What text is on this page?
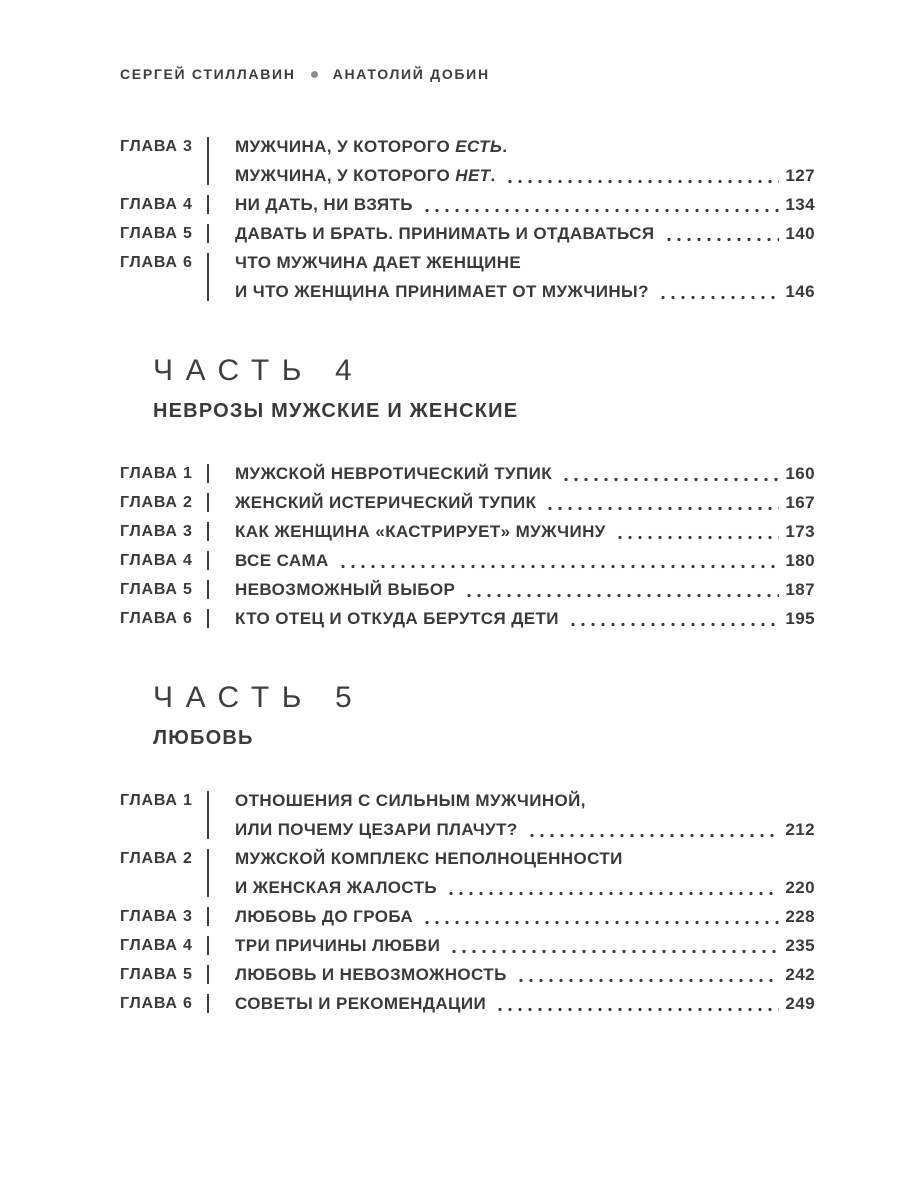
СЕРГЕЙ СТИЛЛАВИН	АНАТОЛИЙ ДОБИН
ГЛАВА 3	МУЖЧИНА, У КОТОРОГО ЕСТЬ.
МУЖЧИНА, У КОТОРОГО НЕТ.	127
ГЛАВА 4	НИ ДАТЬ, НИ ВЗЯТЬ	134
ГЛАВА 5	ДАВАТЬ И БРАТЬ. ПРИНИМАТЬ И ОТДАВАТЬСЯ	140
ГЛАВА 6	ЧТО МУЖЧИНА ДАЕТ ЖЕНЩИНЕ
И ЧТО ЖЕНЩИНА ПРИНИМАЕТ ОТ МУЖЧИНЫ?	146
ЧАСТЬ 4
НЕВРОЗЫ МУЖСКИЕ И ЖЕНСКИЕ
ГЛАВА 1	МУЖСКОЙ НЕВРОТИЧЕСКИЙ ТУПИК	160
ГЛАВА 2	ЖЕНСКИЙ ИСТЕРИЧЕСКИЙ ТУПИК	167
ГЛАВА 3	КАК ЖЕНЩИНА «КАСТРИРУЕТ» МУЖЧИНУ	173
ГЛАВА 4	ВСЕ САМА	180
ГЛАВА 5	НЕВОЗМОЖНЫЙ ВЫБОР	187
ГЛАВА 6	КТО ОТЕЦ И ОТКУДА БЕРУТСЯ ДЕТИ	195
ЧАСТЬ 5
ЛЮБОВЬ
ГЛАВА 1	ОТНОШЕНИЯ С СИЛЬНЫМ МУЖЧИНОЙ,
ИЛИ ПОЧЕМУ ЦЕЗАРИ ПЛАЧУТ?	212
ГЛАВА 2	МУЖСКОЙ КОМПЛЕКС НЕПОЛНОЦЕННОСТИ
И ЖЕНСКАЯ ЖАЛОСТЬ	220
ГЛАВА 3	ЛЮБОВЬ ДО ГРОБА	228
ГЛАВА 4	ТРИ ПРИЧИНЫ ЛЮБВИ	235
ГЛАВА 5	ЛЮБОВЬ И НЕВОЗМОЖНОСТЬ	242
ГЛАВА 6	СОВЕТЫ И РЕКОМЕНДАЦИИ	249
